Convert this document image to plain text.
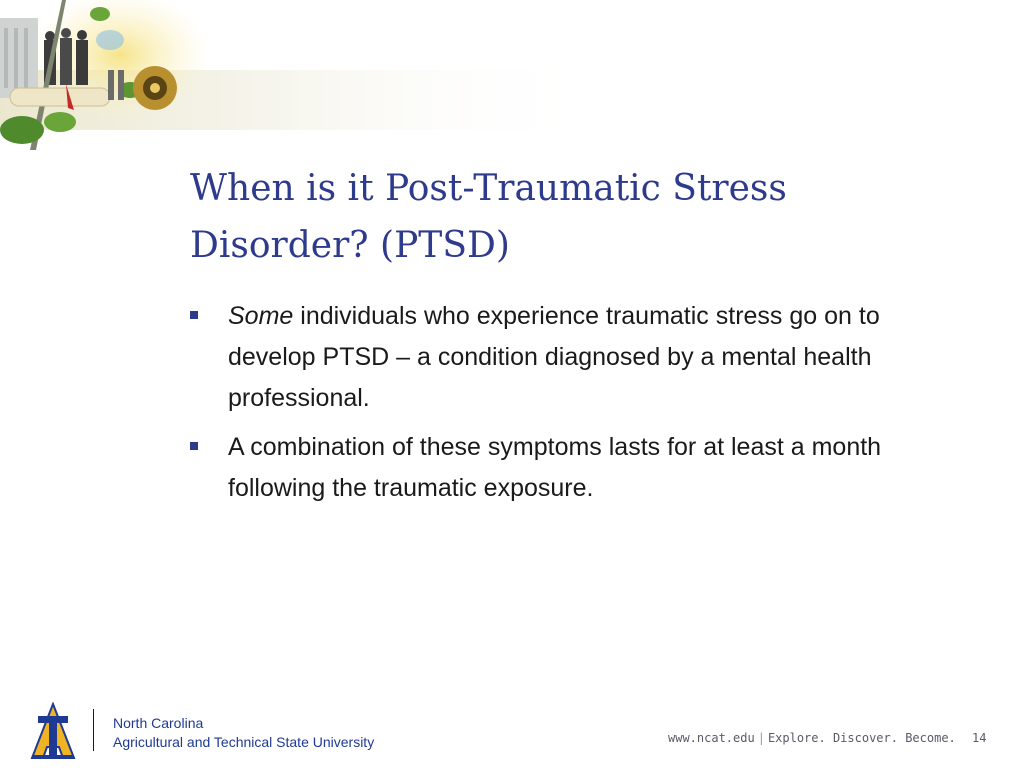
When is it Post-Traumatic Stress
Disorder? (PTSD)
Some individuals who experience traumatic stress go on to develop PTSD – a condition diagnosed by a mental health professional.
A combination of these symptoms lasts for at least a month following the traumatic exposure.
North Carolina
Agricultural and Technical State University	www.ncat.edu | Explore. Discover. Become. 14
